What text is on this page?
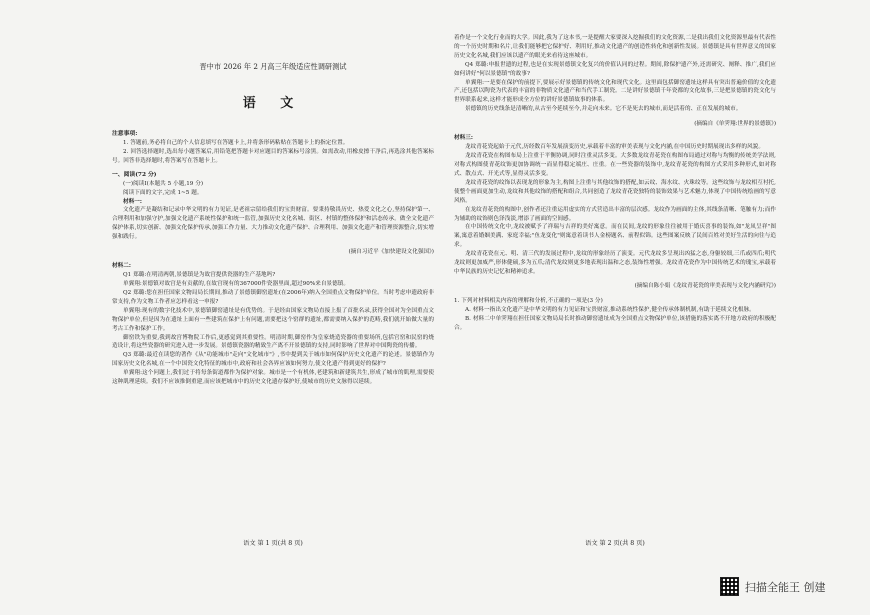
晋中市 2026 年 2 月高三年级适应性调研测试
语 文

注意事项:

1. 答题前,务必将自己的个人信息填写在答题卡上,并将条形码粘贴在答题卡上的指定位置。

2. 回答选择题时,选出每小题答案后,用铅笔把答题卡对应题目的答案标号涂黑。如需改动,用橡皮擦干净后,再选涂其他答案标号。回答非选择题时,将答案写在答题卡上。

一、阅读(72 分)

(一)阅读Ⅰ(本题共 5 小题,19 分)

阅读下面的文字,完成 1~5 题。

材料一:

文化遗产是凝结和记录中华文明的有力见证,是老祖宗留给我们的宝贵财富。要秉持敬畏历史、热爱文化之心,坚持保护第一、合理利用和加强守护,加强文化遗产系统性保护和统一监管,加强历史文化名城、街区、村镇的整体保护和活态传承。做全文化遗产保护体系,切实创新、加强文化保护传承,加强工作力量、大力推动文化遗产保护、合理利用、加强文化遗产和管理资源整合,切实增强和践行。

(摘自习近平《加快建设文化强国》)

材料二:

Q1 郑璐:在明清两朝,景德镇是为故宫提供瓷器的生产基地吗?

单翼翔:景德镇对故宫是有贡献的,在故宫现有的367000件瓷器里面,超过90%来自景德镇。

Q2 郑璐:您在担任国家文物局局长期间,推动了景德镇御窑遗址(在2006年)纳入全国重点文物保护单位。当时考虑申遗政府非常支持,作为文物工作者应怎样看这一申报?

单翼翔:现有的数字化技术中,景德镇御窑遗址是有优势的。于是经由国家文物局直接上报了首批名录,获得全国对为全国重点文物保护单位,但是因为在遗址上面有一些建筑在保护上有问题,需要把这个窑群的遗址,都需要纳入保护的范畴,我们就开始做大量的考古工作和保护工作。

御窑铁为重要,我到故宫博物院工作后,更感觉到其重要性。明清时期,御窑作为皇家烧造瓷器的重要场所,包括官窑和民窑的烧造设计,将这些瓷器的研究进入进一步发展。景德镇瓷器的精致生产离不开景德镇的支持,同时影响了世界对中国陶瓷的传播。

Q3 郑璐:最近在读您的著作《从"功能城市"走向"文化城市"》,书中提到关于城市如何保护历史文化遗产的论述。景德镇作为国家历史文化名城,在一个中国瓷文化特征的城市中,政府和社会各界应该如何努力,使文化遗产得到更好的保护?

单翼翔:这个问题上,我们过于将每条街道都作为保护对象。城市是一个有机体,老建筑和新建筑共生,形成了城市的肌理,需要使这种肌理延续。我们不应该推倒重建,而应该把城市中的历史文化遗存保护好,使城市的历史文脉得以延续。

着作是一个文化行业而的大学。因此,我为了这本书,一是提醒大家要深入挖掘我们的文化资源,二是我出我们文化资源里最有代表性的一个历史时期和名片,让我们能够把它保护好、利用好,推动文化遗产的创造性转化和创新性发展。景德镇是具有世界意义的国家历史文化名城,我们应该以遗产的眼光来看待这座城市。

Q4 郑璐:申报世遗的过程,也是在实现景德镇文化复兴的价值认同的过程。期间,除保护遗产外,还需研究、阐释、推广,我们应如何讲好"何以景德镇"的故事?

单翼翔:一是要在保护的前提下,要展示好景德镇的传统文化和现代文化。这里面包括御窑遗址这样具有突出普遍价值的文化遗产,还包括以陶瓷为代表的丰富的非物质文化遗产和当代手工制瓷。二是讲好景德镇千年瓷都的文化故事,三是把景德镇的瓷文化与世界联系起来,这样才能形成全方位的讲好景德镇故事的体系。

景德镇的历史线条是清晰的,从古至今延续至今,并走向未来。它不是死去的城市,而是活着的、正在发展的城市。

(摘编自《单霁翔:世界的景德镇》)

材料三:

龙纹青花瓷起始于元代,历经数百年发展演变历史,承载着丰富的审美表现与文化内涵,在中国历史时期展现出多样的风貌。

龙纹青花瓷在构图布局上注重于平衡协调,同时注重灵活多变。大多数龙纹青花瓷在构图布局通过对称与均衡的传统美学法则,对称式构图使青花纹饰更加协调统一而显得稳定端庄、庄重。在一些瓷器的装饰中,龙纹青花瓷的构图方式采用多种形式,如对称式、散点式、开光式等,显得灵活多变。

龙纹青花瓷的纹饰以表现龙的形象为主,构图上注重与其他纹饰的搭配,如云纹、海水纹、火珠纹等。这些纹饰与龙纹相互衬托,使整个画面更加生动,龙纹和其他纹饰的搭配和组合,共同创造了龙纹青花瓷独特的装饰效果与艺术魅力,体现了中国传统绘画的写意风格。

在龙纹青花瓷的构图中,创作者还注重运用虚实的方式营造出丰富的层次感。龙纹作为画面的主体,其线条清晰、笔触有力;而作为辅助的纹饰则色泽浅淡,增添了画面的空间感。

在中国传统文化中,龙纹被赋予了祥瑞与吉祥的美好寓意。而在民间,龙纹的形象往往被用于婚庆喜事的装饰,如"龙凤呈祥"图案,寓意着婚姻美满、家庭幸福;"鱼龙变化"则寓意着读书人金榜题名、前程似锦。这些图案反映了民间百姓对美好生活的向往与追求。

龙纹青花瓷在元、明、清三代的发展过程中,龙纹的形象经历了演变。元代龙纹多呈现出凶猛之态,身躯较细,三爪或四爪;明代龙纹则更加威严,形体健硕,多为五爪;清代龙纹则更多地表现出温和之态,装饰性增强。龙纹青花瓷作为中国传统艺术的瑰宝,承载着中华民族的历史记忆和精神追求。

(摘编自陈小娟《龙纹青花瓷的审美表现与文化内涵研究》)

1. 下列对材料相关内容的理解和分析,不正确的一项是(3 分)

A. 材料一指出文化遗产是中华文明的有力见证和宝贵财富,推动系统性保护,健全传承体制机制,有助于延续文化根脉。

B. 材料二中单霁翔在担任国家文物局局长时推动御窑遗址成为全国重点文物保护单位,该措施的落实离不开地方政府的积极配合。

语文 第 1 页(共 8 页)	语文 第 2 页(共 8 页)
扫描全能王 创建
